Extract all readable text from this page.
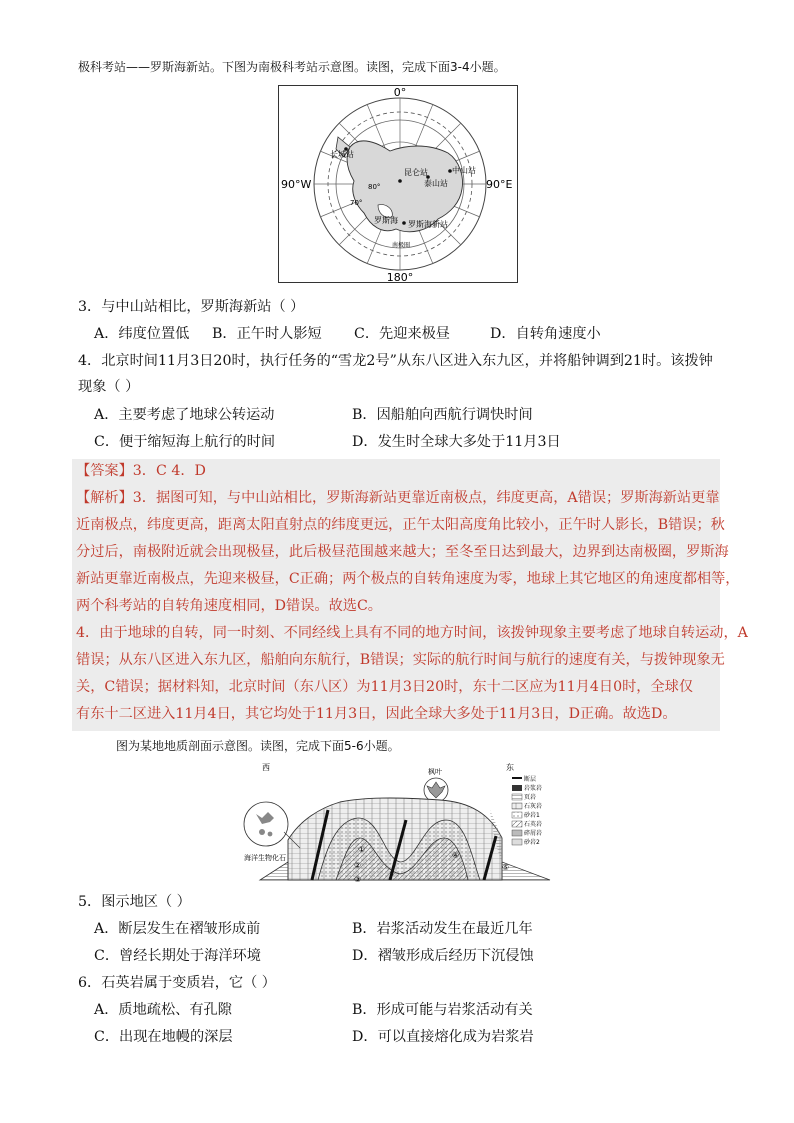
极科考站——罗斯海新站。下图为南极科考站示意图。读图，完成下面3-4小题。
0°
180°
90°W	90°E
中山站
泰山站
昆仑站
长城站
罗斯海 罗斯海新站
80°
70°
南极圈
3．与中山站相比，罗斯海新站（ ）
A．纬度位置低 B．正午时人影短 C．先迎来极昼	D．自转角速度小
4．北京时间11月3日20时，执行任务的“雪龙2号”从东八区进入东九区，并将船钟调到21时。该拨钟
现象（ ）
A．主要考虑了地球公转运动	B．因船舶向西航行调快时间
C．便于缩短海上航行的时间	D．发生时全球大多处于11月3日
【答案】3．C 4．D
【解析】3．据图可知，与中山站相比，罗斯海新站更靠近南极点，纬度更高，A错误；罗斯海新站更靠
近南极点，纬度更高，距离太阳直射点的纬度更远，正午太阳高度角比较小，正午时人影长，B错误；秋
分过后，南极附近就会出现极昼，此后极昼范围越来越大；至冬至日达到最大，边界到达南极圈，罗斯海
新站更靠近南极点，先迎来极昼，C正确；两个极点的自转角速度为零，地球上其它地区的角速度都相等，
两个科考站的自转角速度相同，D错误。故选C。
4．由于地球的自转，同一时刻、不同经线上具有不同的地方时间，该拨钟现象主要考虑了地球自转运动，A
错误；从东八区进入东九区，船舶向东航行，B错误；实际的航行时间与航行的速度有关，与拨钟现象无
关，C错误；据材料知，北京时间（东八区）为11月3日20时，东十二区应为11月4日0时，全球仅
有东十二区进入11月4日，其它均处于11月3日，因此全球大多处于11月3日，D正确。故选D。
图为某地地质剖面示意图。读图，完成下面5-6小题。
西	东
枫叶
海洋生物化石
①
②
③
④
⑤
断层
岩浆岩
页岩
石灰岩
砂岩1
石英岩
碎屑岩
砂岩2
5．图示地区（ ）
A．断层发生在褶皱形成前	B．岩浆活动发生在最近几年
C．曾经长期处于海洋环境	D．褶皱形成后经历下沉侵蚀
6．石英岩属于变质岩，它（ ）
A．质地疏松、有孔隙	B．形成可能与岩浆活动有关
C．出现在地幔的深层	D．可以直接熔化成为岩浆岩
